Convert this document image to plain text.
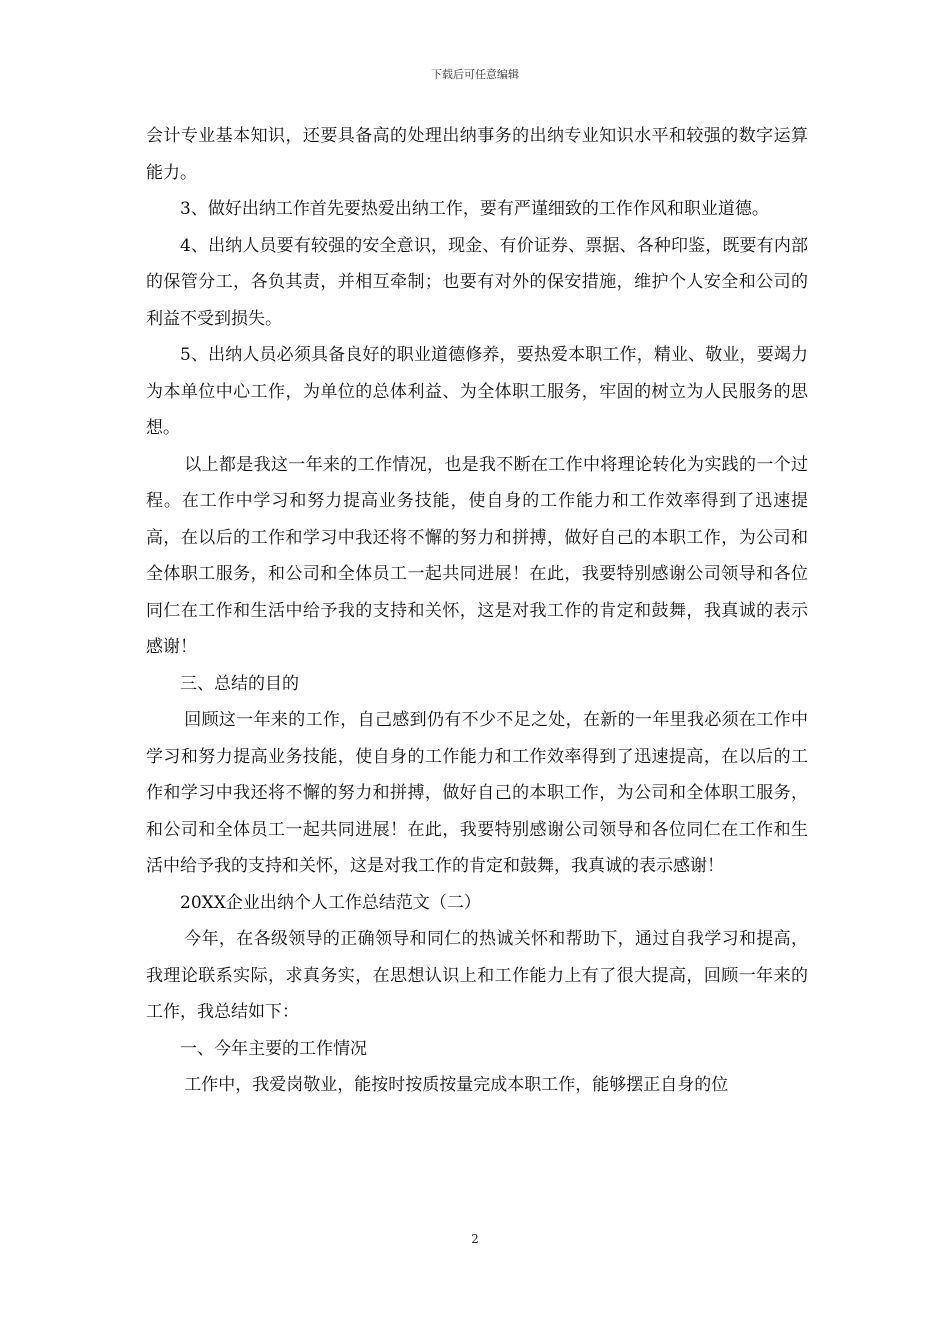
下载后可任意编辑

会计专业基本知识，还要具备高的处理出纳事务的出纳专业知识水平和较强的数字运算能力。

3、做好出纳工作首先要热爱出纳工作，要有严谨细致的工作作风和职业道德。

4、出纳人员要有较强的安全意识，现金、有价证券、票据、各种印鉴，既要有内部的保管分工，各负其责，并相互牵制；也要有对外的保安措施，维护个人安全和公司的利益不受到损失。

5、出纳人员必须具备良好的职业道德修养，要热爱本职工作，精业、敬业，要竭力为本单位中心工作，为单位的总体利益、为全体职工服务，牢固的树立为人民服务的思想。

以上都是我这一年来的工作情况，也是我不断在工作中将理论转化为实践的一个过程。在工作中学习和努力提高业务技能，使自身的工作能力和工作效率得到了迅速提高，在以后的工作和学习中我还将不懈的努力和拼搏，做好自己的本职工作，为公司和全体职工服务，和公司和全体员工一起共同进展！在此，我要特别感谢公司领导和各位同仁在工作和生活中给予我的支持和关怀，这是对我工作的肯定和鼓舞，我真诚的表示感谢！

三、总结的目的

回顾这一年来的工作，自己感到仍有不少不足之处，在新的一年里我必须在工作中学习和努力提高业务技能，使自身的工作能力和工作效率得到了迅速提高，在以后的工作和学习中我还将不懈的努力和拼搏，做好自己的本职工作，为公司和全体职工服务，和公司和全体员工一起共同进展！在此，我要特别感谢公司领导和各位同仁在工作和生活中给予我的支持和关怀，这是对我工作的肯定和鼓舞，我真诚的表示感谢！

20XX企业出纳个人工作总结范文（二）

今年，在各级领导的正确领导和同仁的热诚关怀和帮助下，通过自我学习和提高，我理论联系实际，求真务实，在思想认识上和工作能力上有了很大提高，回顾一年来的工作，我总结如下：

一、今年主要的工作情况

工作中，我爱岗敬业，能按时按质按量完成本职工作，能够摆正自身的位

2
